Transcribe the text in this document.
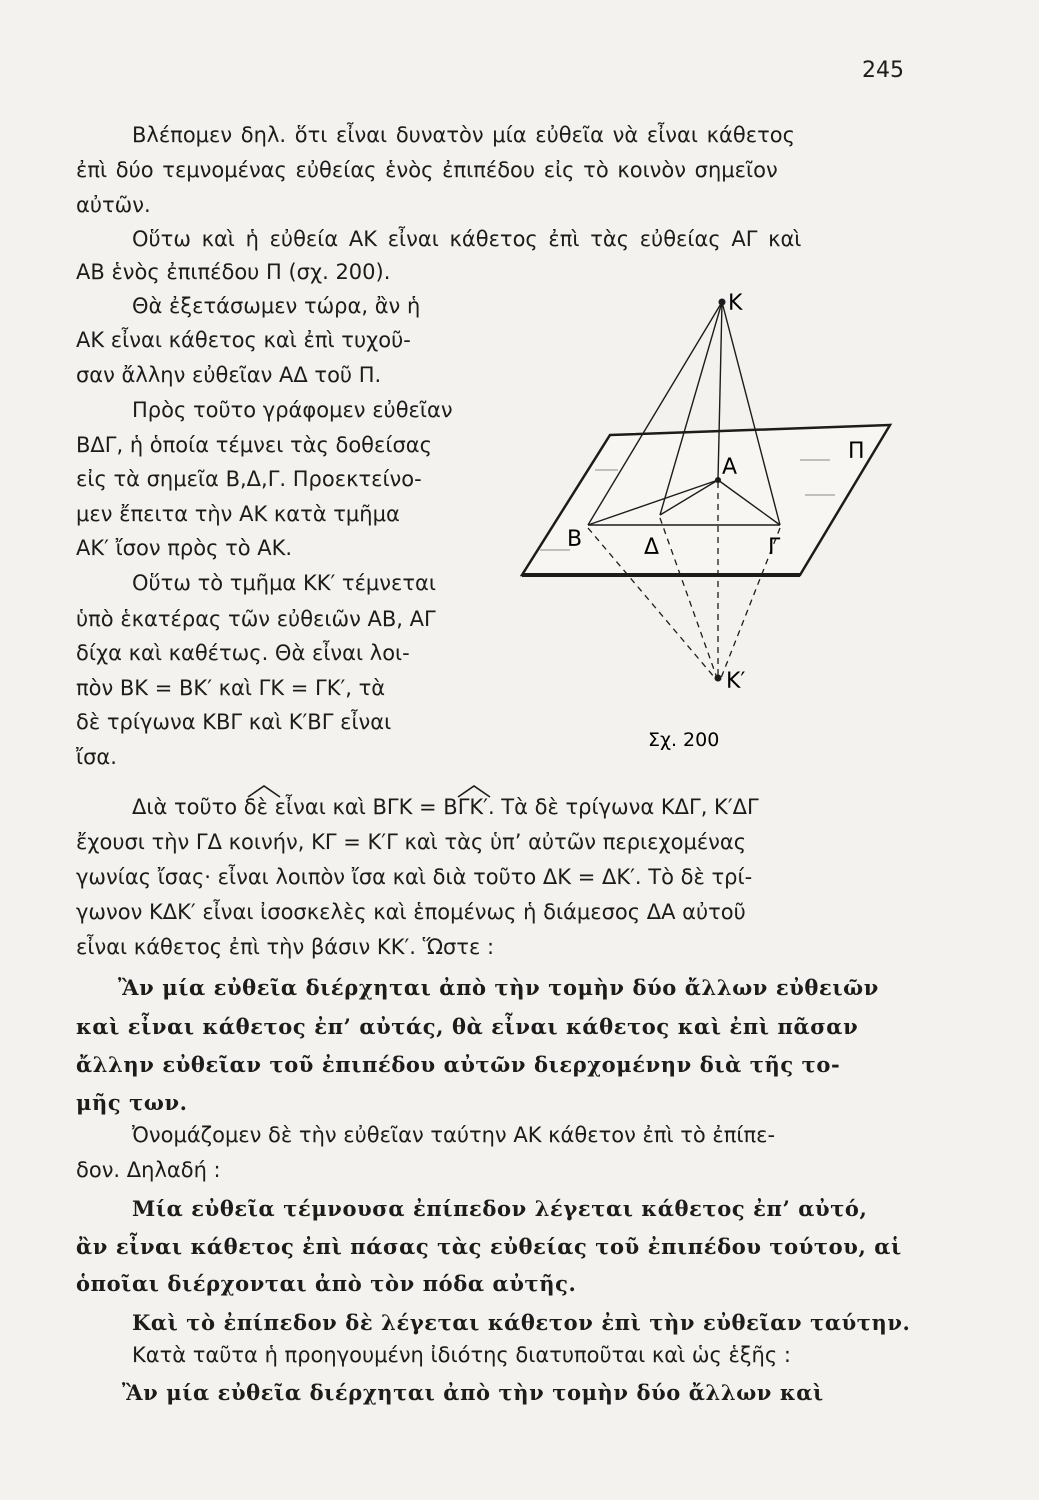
245
Βλέπομεν δηλ. ὅτι εἶναι δυνατὸν μία εὐθεῖα νὰ εἶναι κάθετος
ἐπὶ δύο τεμνομένας εὐθείας ἑνὸς ἐπιπέδου εἰς τὸ κοινὸν σημεῖον
αὐτῶν.
Οὕτω καὶ ἡ εὐθεία ΑΚ εἶναι κάθετος ἐπὶ τὰς εὐθείας ΑΓ καὶ
ΑΒ ἑνὸς ἐπιπέδου Π (σχ. 200).
Θὰ ἐξετάσωμεν τώρα, ἂν ἡ
ΑΚ εἶναι κάθετος καὶ ἐπὶ τυχοῦ-
σαν ἄλλην εὐθεῖαν ΑΔ τοῦ Π.
Πρὸς τοῦτο γράφομεν εὐθεῖαν
ΒΔΓ, ἡ ὁποία τέμνει τὰς δοθείσας
εἰς τὰ σημεῖα Β,Δ,Γ. Προεκτείνο-
μεν ἔπειτα τὴν ΑΚ κατὰ τμῆμα
ΑΚ′ ἴσον πρὸς τὸ ΑΚ.
Οὕτω τὸ τμῆμα ΚΚ′ τέμνεται
ὑπὸ ἑκατέρας τῶν εὐθειῶν ΑΒ, ΑΓ
δίχα καὶ καθέτως. Θὰ εἶναι λοι-
πὸν ΒΚ = ΒΚ′ καὶ ΓΚ = ΓΚ′, τὰ
δὲ τρίγωνα ΚΒΓ καὶ Κ′ΒΓ εἶναι
ἴσα.
Διὰ τοῦτο δὲ εἶναι καὶ ΒΓΚ = ΒΓΚ′. Τὰ δὲ τρίγωνα ΚΔΓ, Κ′ΔΓ
ἔχουσι τὴν ΓΔ κοινήν, ΚΓ = Κ′Γ καὶ τὰς ὑπ’ αὐτῶν περιεχομένας
γωνίας ἴσας· εἶναι λοιπὸν ἴσα καὶ διὰ τοῦτο ΔΚ = ΔΚ′. Τὸ δὲ τρί-
γωνον ΚΔΚ′ εἶναι ἰσοσκελὲς καὶ ἑπομένως ἡ διάμεσος ΔΑ αὐτοῦ
εἶναι κάθετος ἐπὶ τὴν βάσιν ΚΚ′. Ὥστε :
Ἂν μία εὐθεῖα διέρχηται ἀπὸ τὴν τομὴν δύο ἄλλων εὐθειῶν
καὶ εἶναι κάθετος ἐπ’ αὐτάς, θὰ εἶναι κάθετος καὶ ἐπὶ πᾶσαν
ἄλλην εὐθεῖαν τοῦ ἐπιπέδου αὐτῶν διερχομένην διὰ τῆς το-
μῆς των.
Ὀνομάζομεν δὲ τὴν εὐθεῖαν ταύτην ΑΚ κάθετον ἐπὶ τὸ ἐπίπε-
δον. Δηλαδή :
Μία εὐθεῖα τέμνουσα ἐπίπεδον λέγεται κάθετος ἐπ’ αὐτό,
ἂν εἶναι κάθετος ἐπὶ πάσας τὰς εὐθείας τοῦ ἐπιπέδου τούτου, αἱ
ὁποῖαι διέρχονται ἀπὸ τὸν πόδα αὐτῆς.
Καὶ τὸ ἐπίπεδον δὲ λέγεται κάθετον ἐπὶ τὴν εὐθεῖαν ταύτην.
Κατὰ ταῦτα ἡ προηγουμένη ἰδιότης διατυποῦται καὶ ὡς ἑξῆς :
Ἂν μία εὐθεῖα διέρχηται ἀπὸ τὴν τομὴν δύο ἄλλων καὶ
Κ
Π
Α
Β	Δ	Γ
Κ′
Σχ. 200
